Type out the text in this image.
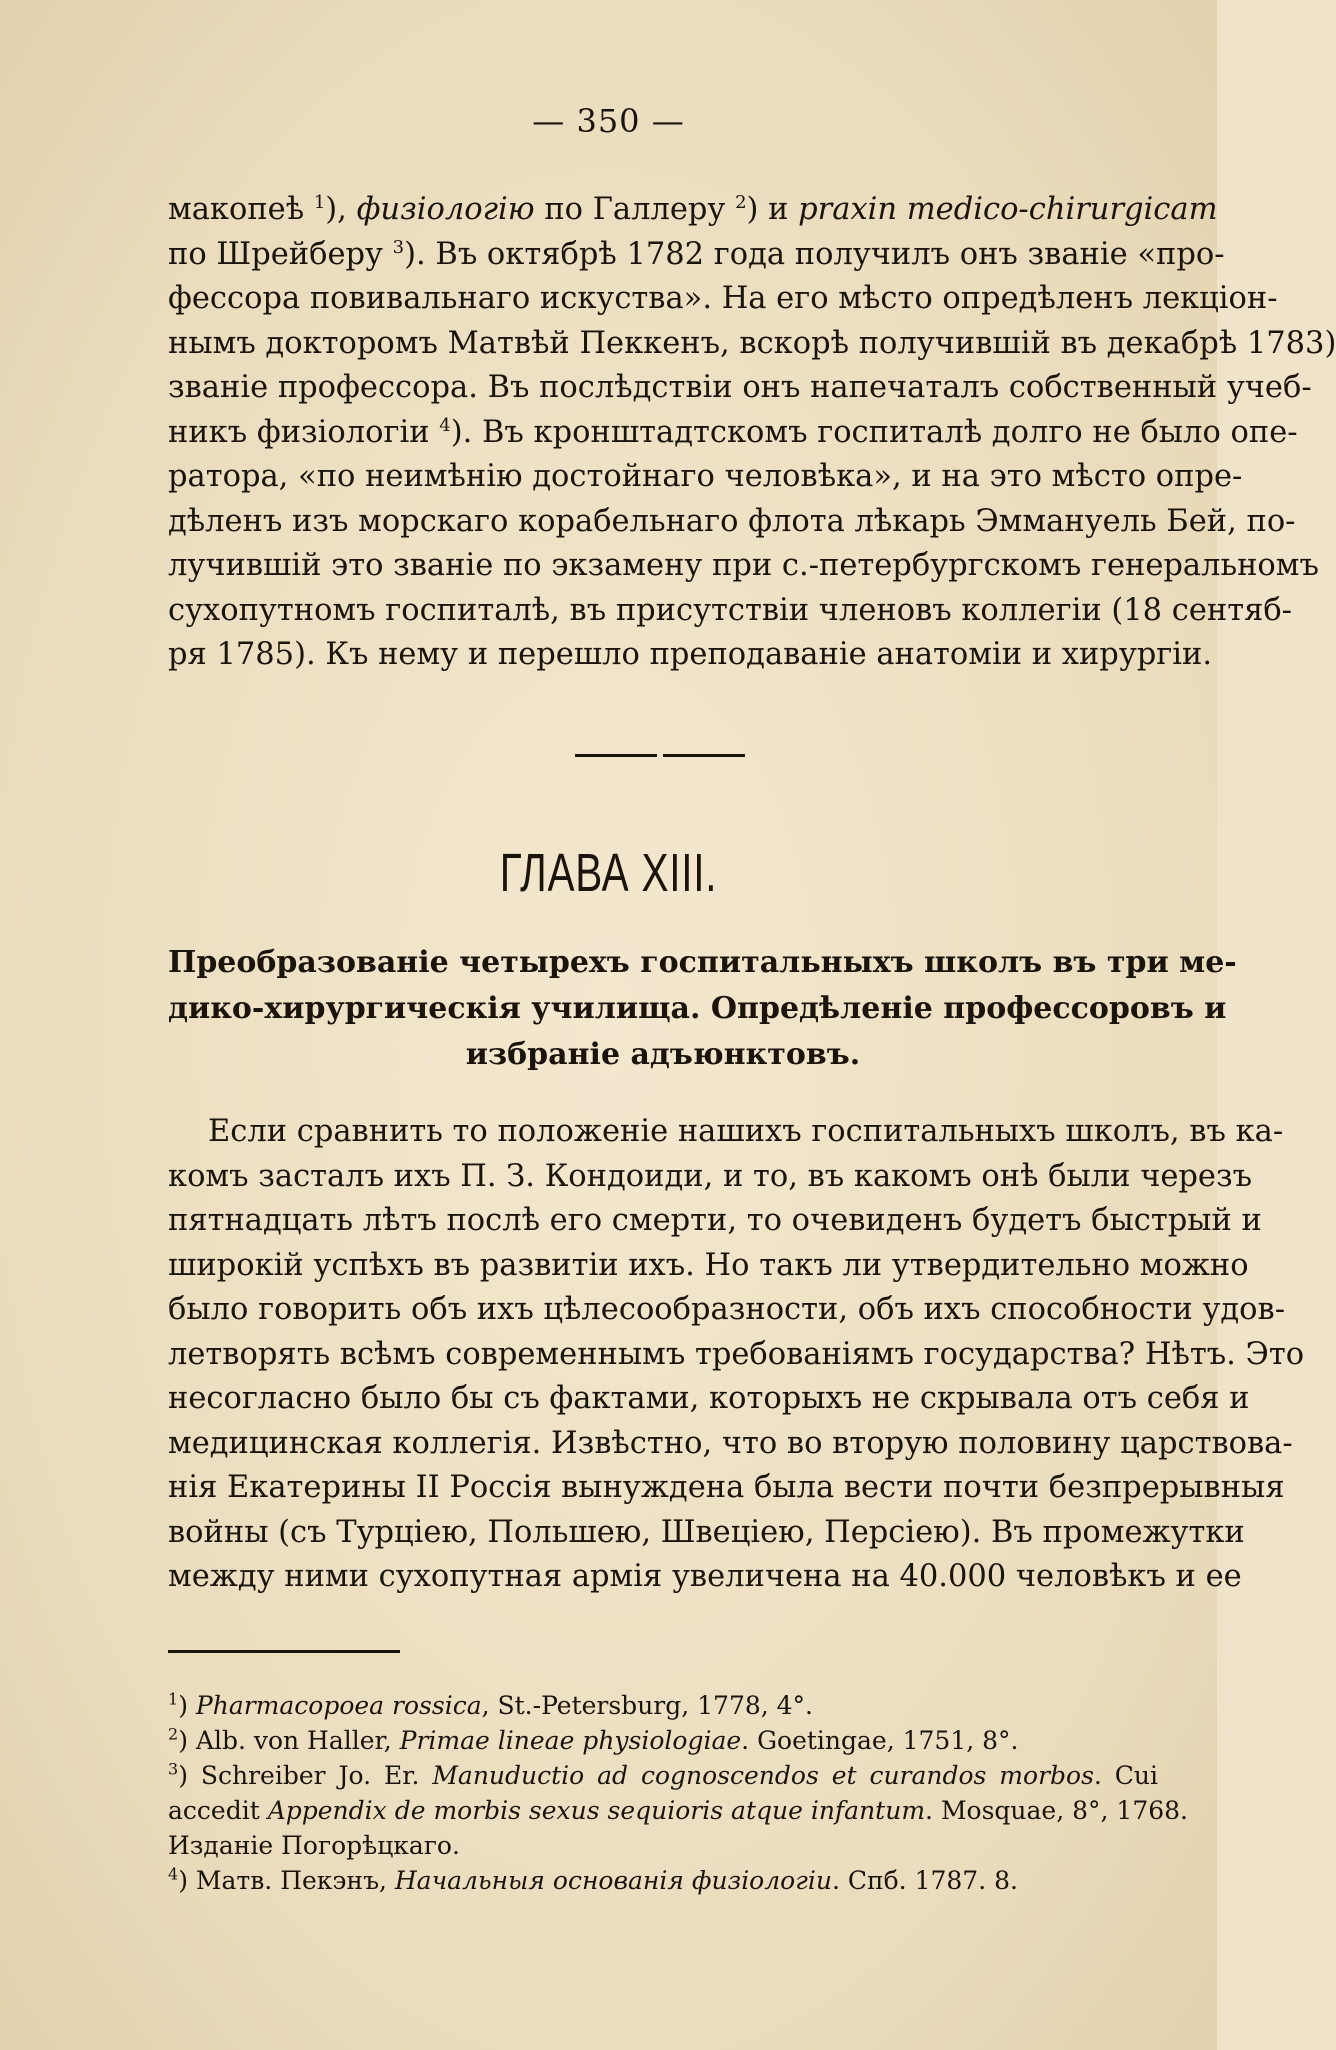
— 350 —
макопеѣ $^1$), физіологію по Галлеру $^2$) и praxin medico-chirurgicam
по Шрейберу $^3$). Въ октябрѣ 1782 года получилъ онъ званіе «про-
фессора повивальнаго искуства». На его мѣсто опредѣленъ лекціон-
нымъ докторомъ Матвѣй Пеккенъ, вскорѣ получившій въ декабрѣ 1783)
званіе профессора. Въ послѣдствіи онъ напечаталъ собственный учеб-
никъ физіологіи $^4$). Въ кронштадтскомъ госпиталѣ долго не было опе-
ратора, «по неимѣнію достойнаго человѣка», и на это мѣсто опре-
дѣленъ изъ морскаго корабельнаго флота лѣкарь Эммануель Бей, по-
лучившій это званіе по экзамену при с.-петербургскомъ генеральномъ
сухопутномъ госпиталѣ, въ присутствіи членовъ коллегіи (18 сентяб-
ря 1785). Къ нему и перешло преподаваніе анатоміи и хирургіи.
ГЛАВА XIII.
Преобразованіе четырехъ госпитальныхъ школъ въ три ме-
дико-хирургическія училища. Опредѣленіе профессоровъ и
избраніе адъюнктовъ.
Если сравнить то положеніе нашихъ госпитальныхъ школъ, въ ка-
комъ засталъ ихъ П. З. Кондоиди, и то, въ какомъ онѣ были черезъ
пятнадцать лѣтъ послѣ его смерти, то очевиденъ будетъ быстрый и
широкій успѣхъ въ развитіи ихъ. Но такъ ли утвердительно можно
было говорить объ ихъ цѣлесообразности, объ ихъ способности удов-
летворять всѣмъ современнымъ требованіямъ государства? Нѣтъ. Это
несогласно было бы съ фактами, которыхъ не скрывала отъ себя и
медицинская коллегія. Извѣстно, что во вторую половину царствова-
нія Екатерины II Россія вынуждена была вести почти безпрерывныя
войны (съ Турціею, Польшею, Швеціею, Персіею). Въ промежутки
между ними сухопутная армія увеличена на 40.000 человѣкъ и ее
$^1$) Pharmacopoea rossica, St.-Petersburg, 1778, 4°.
$^2$) Alb. von Haller, Primae lineae physiologiae. Goetingae, 1751, 8°.
$^3$) Schreiber Jo. Er. Manuductio ad cognoscendos et curandos morbos. Cui
accedit Appendix de morbis sexus sequioris atque infantum. Mosquae, 8°, 1768.
Изданіе Погорѣцкаго.
$^4$) Матв. Пекэнъ, Начальныя основанія физіологіи. Спб. 1787. 8.
